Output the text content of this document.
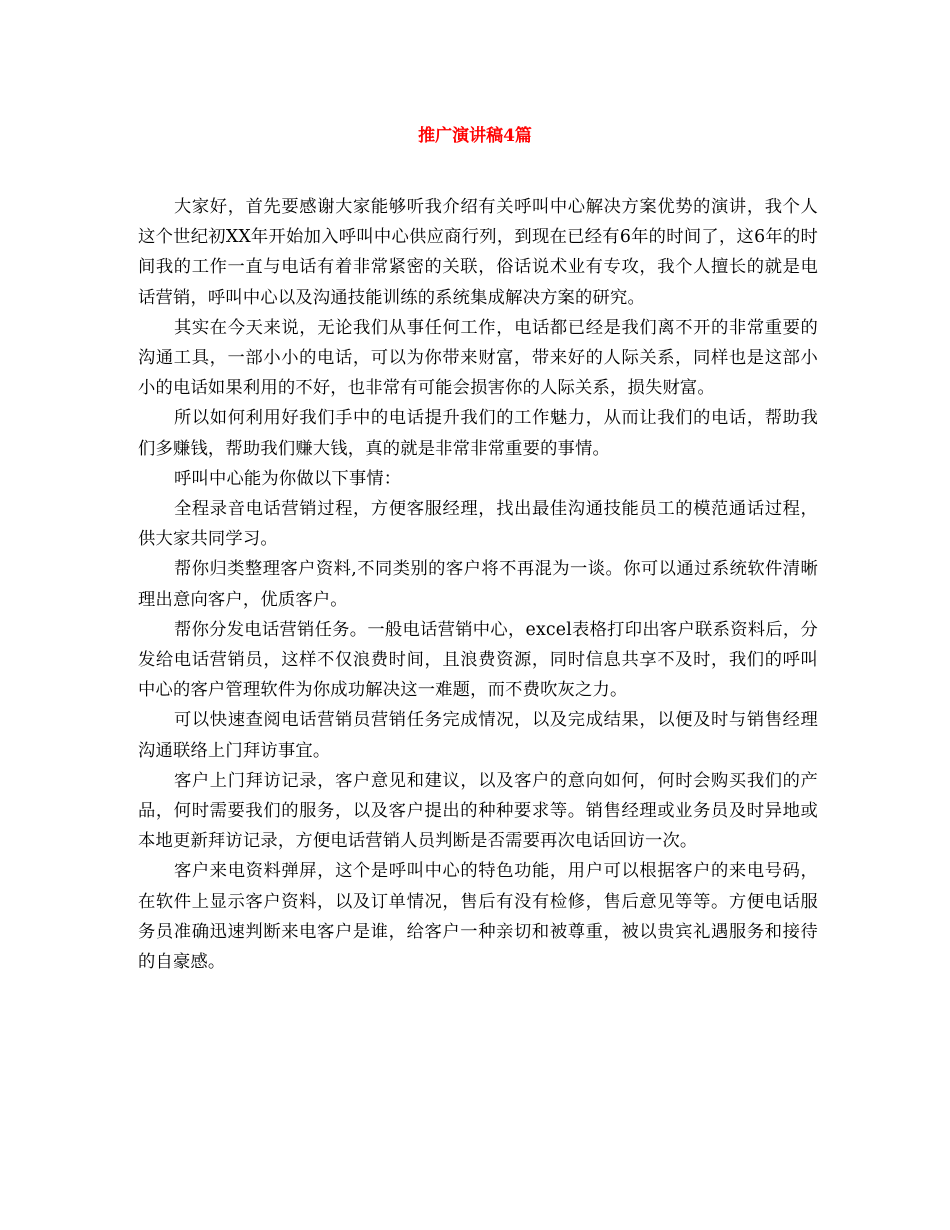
推广演讲稿4篇

大家好，首先要感谢大家能够听我介绍有关呼叫中心解决方案优势的演讲，我个人这个世纪初XX年开始加入呼叫中心供应商行列，到现在已经有6年的时间了，这6年的时间我的工作一直与电话有着非常紧密的关联，俗话说术业有专攻，我个人擅长的就是电话营销，呼叫中心以及沟通技能训练的系统集成解决方案的研究。

其实在今天来说，无论我们从事任何工作，电话都已经是我们离不开的非常重要的沟通工具，一部小小的电话，可以为你带来财富，带来好的人际关系，同样也是这部小小的电话如果利用的不好，也非常有可能会损害你的人际关系，损失财富。

所以如何利用好我们手中的电话提升我们的工作魅力，从而让我们的电话，帮助我们多赚钱，帮助我们赚大钱，真的就是非常非常重要的事情。

呼叫中心能为你做以下事情：

全程录音电话营销过程，方便客服经理，找出最佳沟通技能员工的模范通话过程，供大家共同学习。

帮你归类整理客户资料,不同类别的客户将不再混为一谈。你可以通过系统软件清晰理出意向客户，优质客户。

帮你分发电话营销任务。一般电话营销中心，excel表格打印出客户联系资料后，分发给电话营销员，这样不仅浪费时间，且浪费资源，同时信息共享不及时，我们的呼叫中心的客户管理软件为你成功解决这一难题，而不费吹灰之力。

可以快速查阅电话营销员营销任务完成情况，以及完成结果，以便及时与销售经理沟通联络上门拜访事宜。

客户上门拜访记录，客户意见和建议，以及客户的意向如何，何时会购买我们的产品，何时需要我们的服务，以及客户提出的种种要求等。销售经理或业务员及时异地或本地更新拜访记录，方便电话营销人员判断是否需要再次电话回访一次。

客户来电资料弹屏，这个是呼叫中心的特色功能，用户可以根据客户的来电号码，在软件上显示客户资料，以及订单情况，售后有没有检修，售后意见等等。方便电话服务员准确迅速判断来电客户是谁，给客户一种亲切和被尊重，被以贵宾礼遇服务和接待的自豪感。
